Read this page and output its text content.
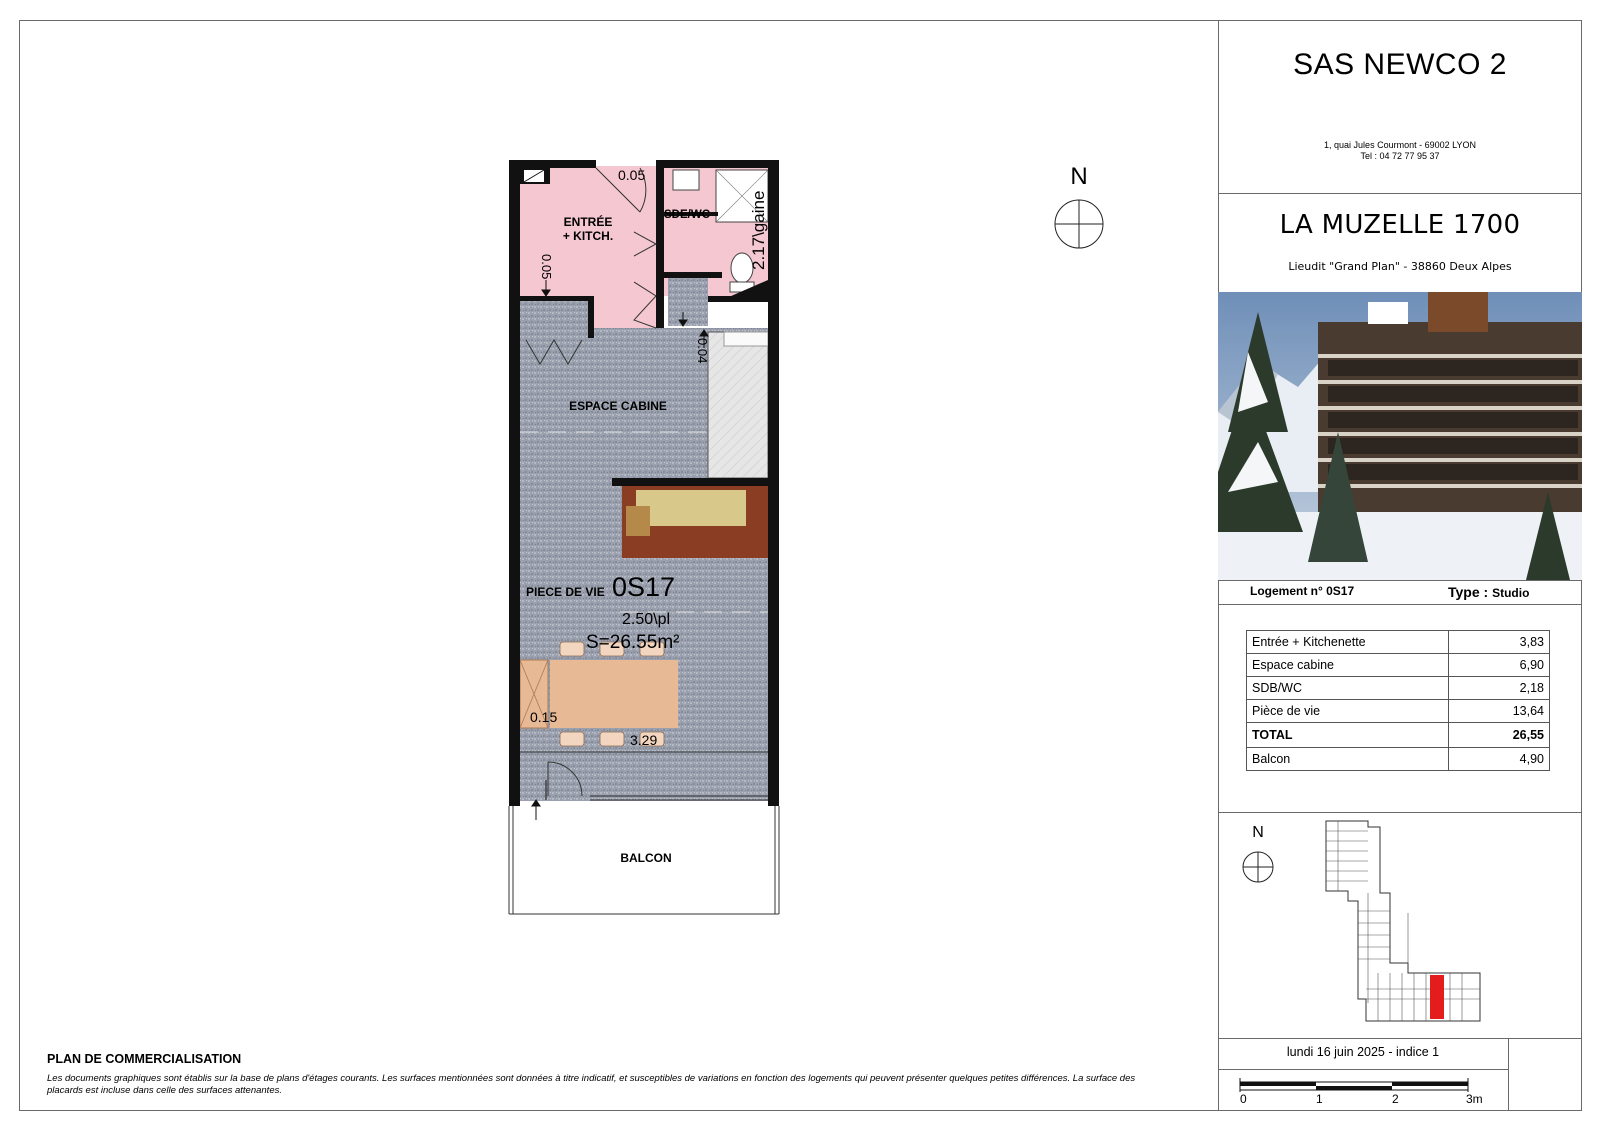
ENTRÉE
+ KITCH.
SDE/WC 2.17\gaine
ESPACE CABINE
PIECE DE VIE 0S17
2.50\pl
S=26.55m²
BALCON
0.05
0.05
0.04
0.15
3.29
N
SAS NEWCO 2
1, quai Jules Courmont - 69002 LYON
Tel : 04 72 77 95 37
LA MUZELLE 1700
Lieudit "Grand Plan" - 38860 Deux Alpes
Logement n° 0S17	Type : Studio
Entrée + Kitchenette	3,83
Espace cabine	6,90
SDB/WC	2,18
Pièce de vie	13,64
TOTAL	26,55
Balcon	4,90
N
lundi 16 juin 2025 - indice 1
0	1	2	3m
PLAN DE COMMERCIALISATION
Les documents graphiques sont établis sur la base de plans d'étages courants. Les surfaces mentionnées sont données à titre indicatif, et susceptibles de variations en fonction des logements qui peuvent présenter quelques petites différences. La surface des placards est incluse dans celle des surfaces attenantes.
